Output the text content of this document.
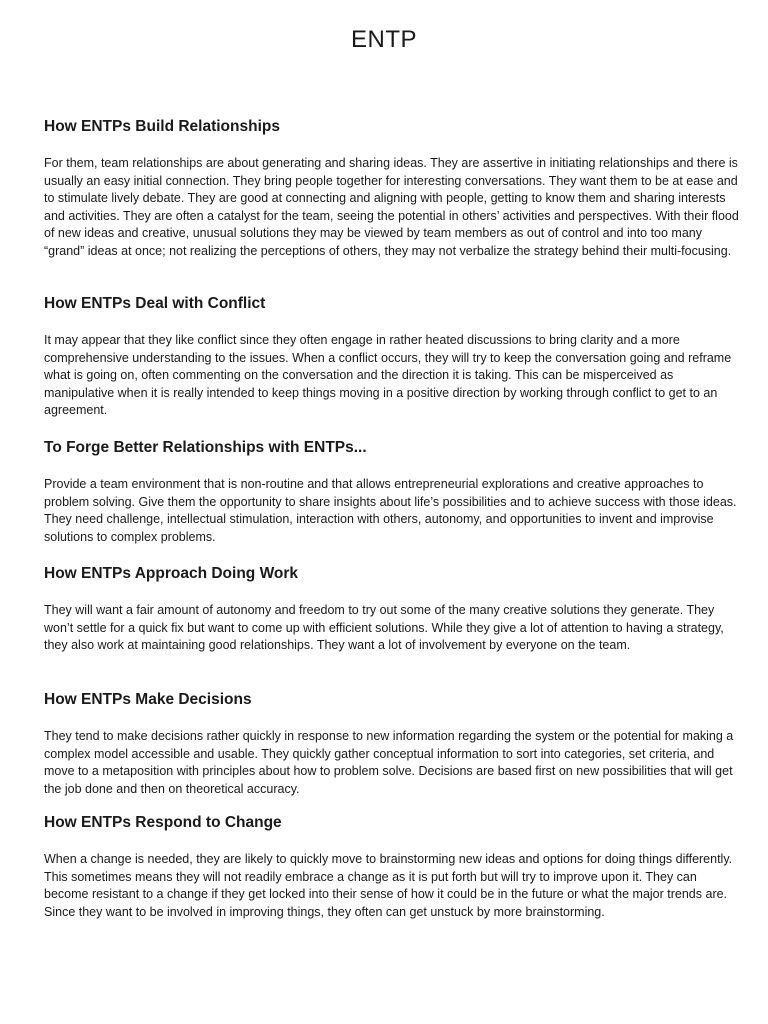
ENTP
How ENTPs Build Relationships

For them, team relationships are about generating and sharing ideas. They are assertive in initiating relationships and there is usually an easy initial connection. They bring people together for interesting conversations. They want them to be at ease and to stimulate lively debate. They are good at connecting and aligning with people, getting to know them and sharing interests and activities. They are often a catalyst for the team, seeing the potential in others’ activities and perspectives. With their flood of new ideas and creative, unusual solutions they may be viewed by team members as out of control and into too many “grand” ideas at once; not realizing the perceptions of others, they may not verbalize the strategy behind their multi-focusing.

How ENTPs Deal with Conflict

It may appear that they like conflict since they often engage in rather heated discussions to bring clarity and a more comprehensive understanding to the issues. When a conflict occurs, they will try to keep the conversation going and reframe what is going on, often commenting on the conversation and the direction it is taking. This can be misperceived as manipulative when it is really intended to keep things moving in a positive direction by working through conflict to get to an agreement.

To Forge Better Relationships with ENTPs...

Provide a team environment that is non-routine and that allows entrepreneurial explorations and creative approaches to problem solving. Give them the opportunity to share insights about life’s possibilities and to achieve success with those ideas. They need challenge, intellectual stimulation, interaction with others, autonomy, and opportunities to invent and improvise solutions to complex problems.

How ENTPs Approach Doing Work

They will want a fair amount of autonomy and freedom to try out some of the many creative solutions they generate. They won’t settle for a quick fix but want to come up with efficient solutions. While they give a lot of attention to having a strategy, they also work at maintaining good relationships. They want a lot of involvement by everyone on the team.

How ENTPs Make Decisions

They tend to make decisions rather quickly in response to new information regarding the system or the potential for making a complex model accessible and usable. They quickly gather conceptual information to sort into categories, set criteria, and move to a metaposition with principles about how to problem solve. Decisions are based first on new possibilities that will get the job done and then on theoretical accuracy.

How ENTPs Respond to Change

When a change is needed, they are likely to quickly move to brainstorming new ideas and options for doing things differently. This sometimes means they will not readily embrace a change as it is put forth but will try to improve upon it. They can become resistant to a change if they get locked into their sense of how it could be in the future or what the major trends are. Since they want to be involved in improving things, they often can get unstuck by more brainstorming.
